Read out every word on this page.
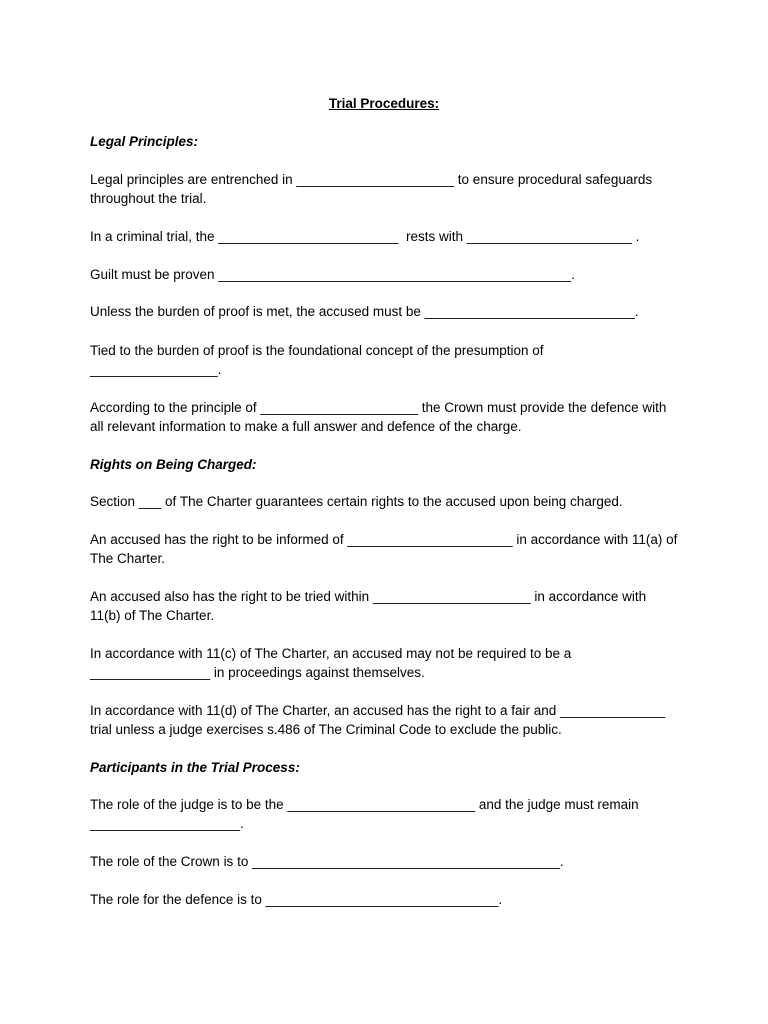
Trial Procedures:
Legal Principles:
Legal principles are entrenched in _____________________ to ensure procedural safeguards
throughout the trial.
In a criminal trial, the ________________________  rests with ______________________ .
Guilt must be proven _______________________________________________.
Unless the burden of proof is met, the accused must be ____________________________.
Tied to the burden of proof is the foundational concept of the presumption of
_________________.
According to the principle of _____________________ the Crown must provide the defence with
all relevant information to make a full answer and defence of the charge.
Rights on Being Charged:
Section ___ of The Charter guarantees certain rights to the accused upon being charged.
An accused has the right to be informed of ______________________ in accordance with 11(a) of
The Charter.
An accused also has the right to be tried within _____________________ in accordance with
11(b) of The Charter.
In accordance with 11(c) of The Charter, an accused may not be required to be a
________________ in proceedings against themselves.
In accordance with 11(d) of The Charter, an accused has the right to a fair and ______________
trial unless a judge exercises s.486 of The Criminal Code to exclude the public.
Participants in the Trial Process:
The role of the judge is to be the _________________________ and the judge must remain
____________________.
The role of the Crown is to _________________________________________.
The role for the defence is to _______________________________.
